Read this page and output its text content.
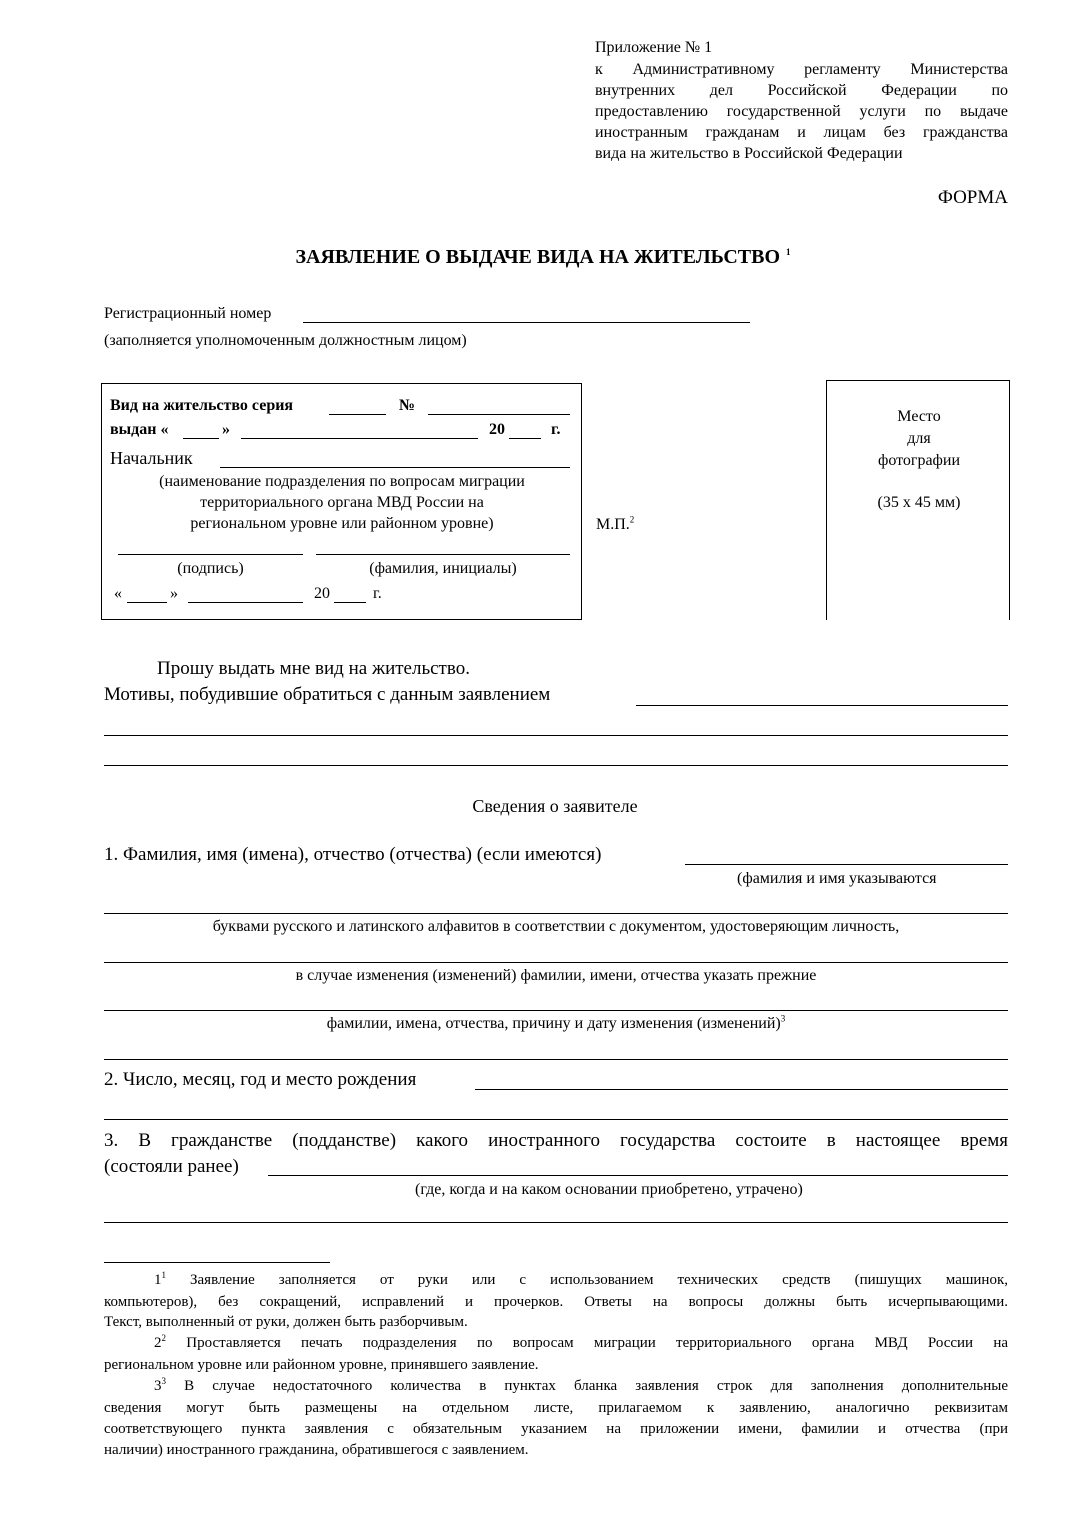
Приложение № 1
к Административному регламенту Министерства
внутренних дел Российской Федерации по
предоставлению государственной услуги по выдаче
иностранным гражданам и лицам без гражданства
вида на жительство в Российской Федерации
ФОРМА
ЗАЯВЛЕНИЕ О ВЫДАЧЕ ВИДА НА ЖИТЕЛЬСТВО $^1$
Регистрационный номер
(заполняется уполномоченным должностным лицом)
Вид на жительство серия	№
выдан «	»	20	г.
Начальник
(наименование подразделения по вопросам миграции
территориального органа МВД России на
региональном уровне или районном уровне)
(подпись)	(фамилия, инициалы)
«	»	20	г.
М.П.$^2$
Место
для
фотографии
(35 x 45 мм)
Прошу выдать мне вид на жительство.
Мотивы, побудившие обратиться с данным заявлением
Сведения о заявителе
1. Фамилия, имя (имена), отчество (отчества) (если имеются)
(фамилия и имя указываются
буквами русского и латинского алфавитов в соответствии с документом, удостоверяющим личность,
в случае изменения (изменений) фамилии, имени, отчества указать прежние
фамилии, имена, отчества, причину и дату изменения (изменений)$^3$
2. Число, месяц, год и место рождения
3. В гражданстве (подданстве) какого иностранного государства состоите в настоящее время
(состояли ранее)
(где, когда и на каком основании приобретено, утрачено)
$1^1$ Заявление заполняется от руки или с использованием технических средств (пишущих машинок,
компьютеров), без сокращений, исправлений и прочерков. Ответы на вопросы должны быть исчерпывающими.
Текст, выполненный от руки, должен быть разборчивым.
$2^2$ Проставляется печать подразделения по вопросам миграции территориального органа МВД России на
региональном уровне или районном уровне, принявшего заявление.
$3^3$ В случае недостаточного количества в пунктах бланка заявления строк для заполнения дополнительные
сведения могут быть размещены на отдельном листе, прилагаемом к заявлению, аналогично реквизитам
соответствующего пункта заявления с обязательным указанием на приложении имени, фамилии и отчества (при
наличии) иностранного гражданина, обратившегося с заявлением.
